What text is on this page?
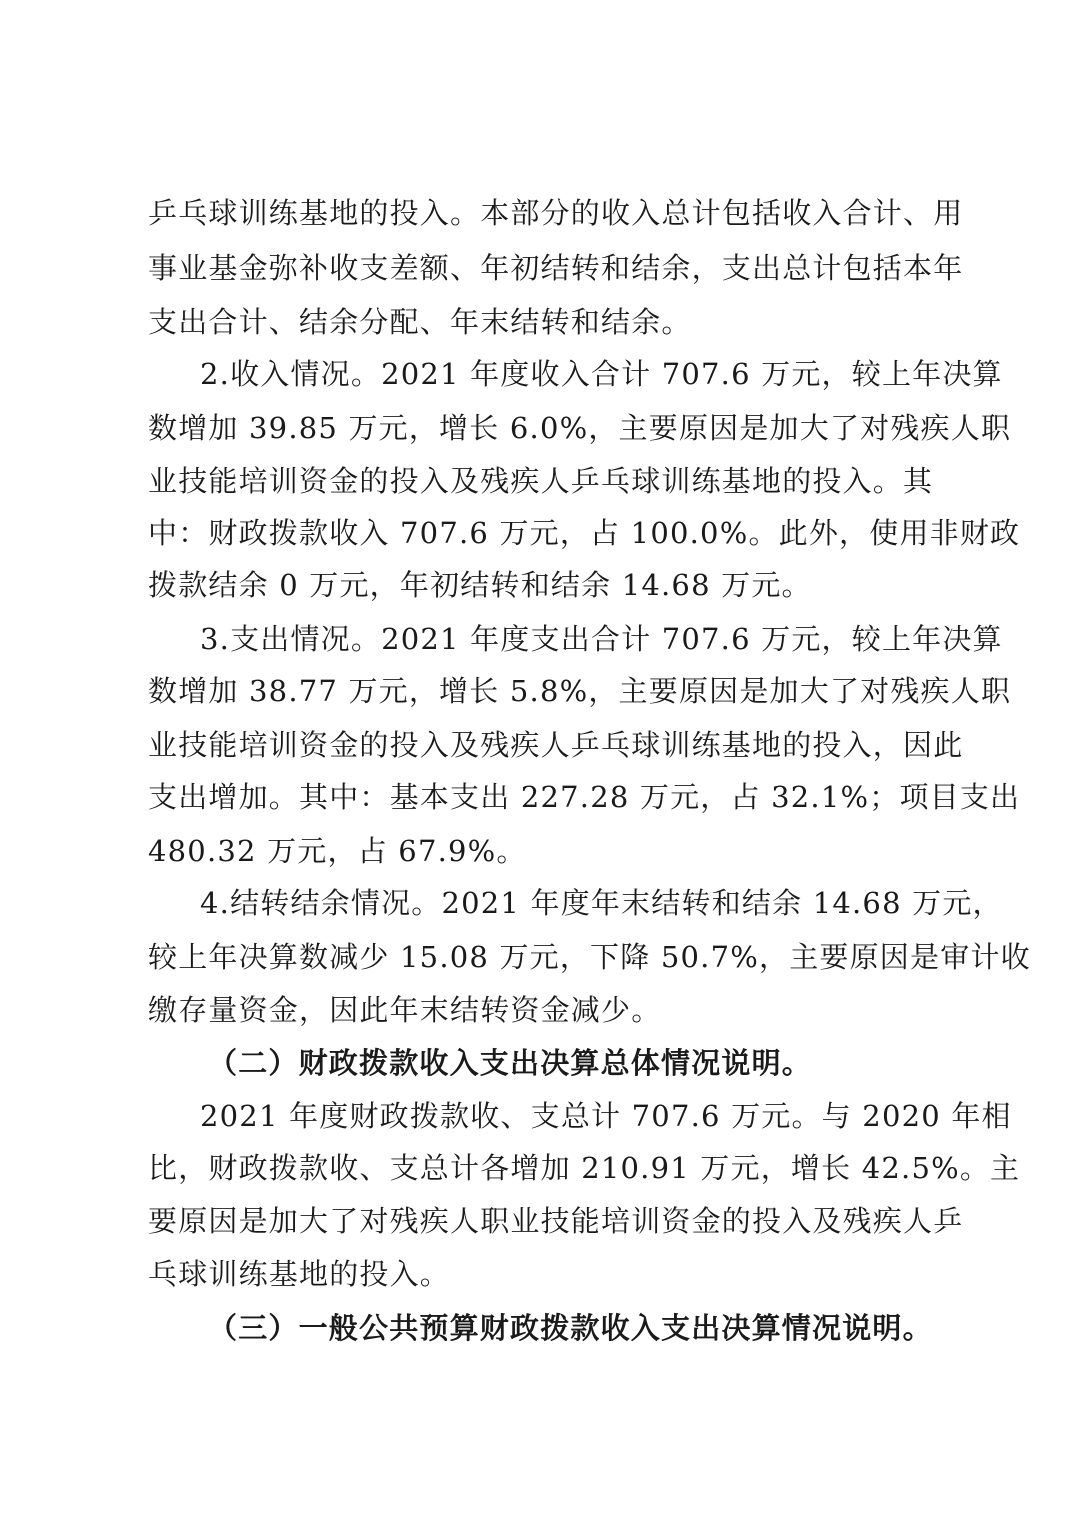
乒乓球训练基地的投入。本部分的收入总计包括收入合计、用
事业基金弥补收支差额、年初结转和结余，支出总计包括本年
支出合计、结余分配、年末结转和结余。
2.收入情况。2021 年度收入合计 707.6 万元，较上年决算
数增加 39.85 万元，增长 6.0%，主要原因是加大了对残疾人职
业技能培训资金的投入及残疾人乒乓球训练基地的投入。其
中：财政拨款收入 707.6 万元，占 100.0%。此外，使用非财政
拨款结余 0 万元，年初结转和结余 14.68 万元。
3.支出情况。2021 年度支出合计 707.6 万元，较上年决算
数增加 38.77 万元，增长 5.8%，主要原因是加大了对残疾人职
业技能培训资金的投入及残疾人乒乓球训练基地的投入，因此
支出增加。其中：基本支出 227.28 万元，占 32.1%；项目支出
480.32 万元，占 67.9%。
4.结转结余情况。2021 年度年末结转和结余 14.68 万元，
较上年决算数减少 15.08 万元，下降 50.7%，主要原因是审计收
缴存量资金，因此年末结转资金减少。
（二）财政拨款收入支出决算总体情况说明。
2021 年度财政拨款收、支总计 707.6 万元。与 2020 年相
比，财政拨款收、支总计各增加 210.91 万元，增长 42.5%。主
要原因是加大了对残疾人职业技能培训资金的投入及残疾人乒
乓球训练基地的投入。
（三）一般公共预算财政拨款收入支出决算情况说明。
